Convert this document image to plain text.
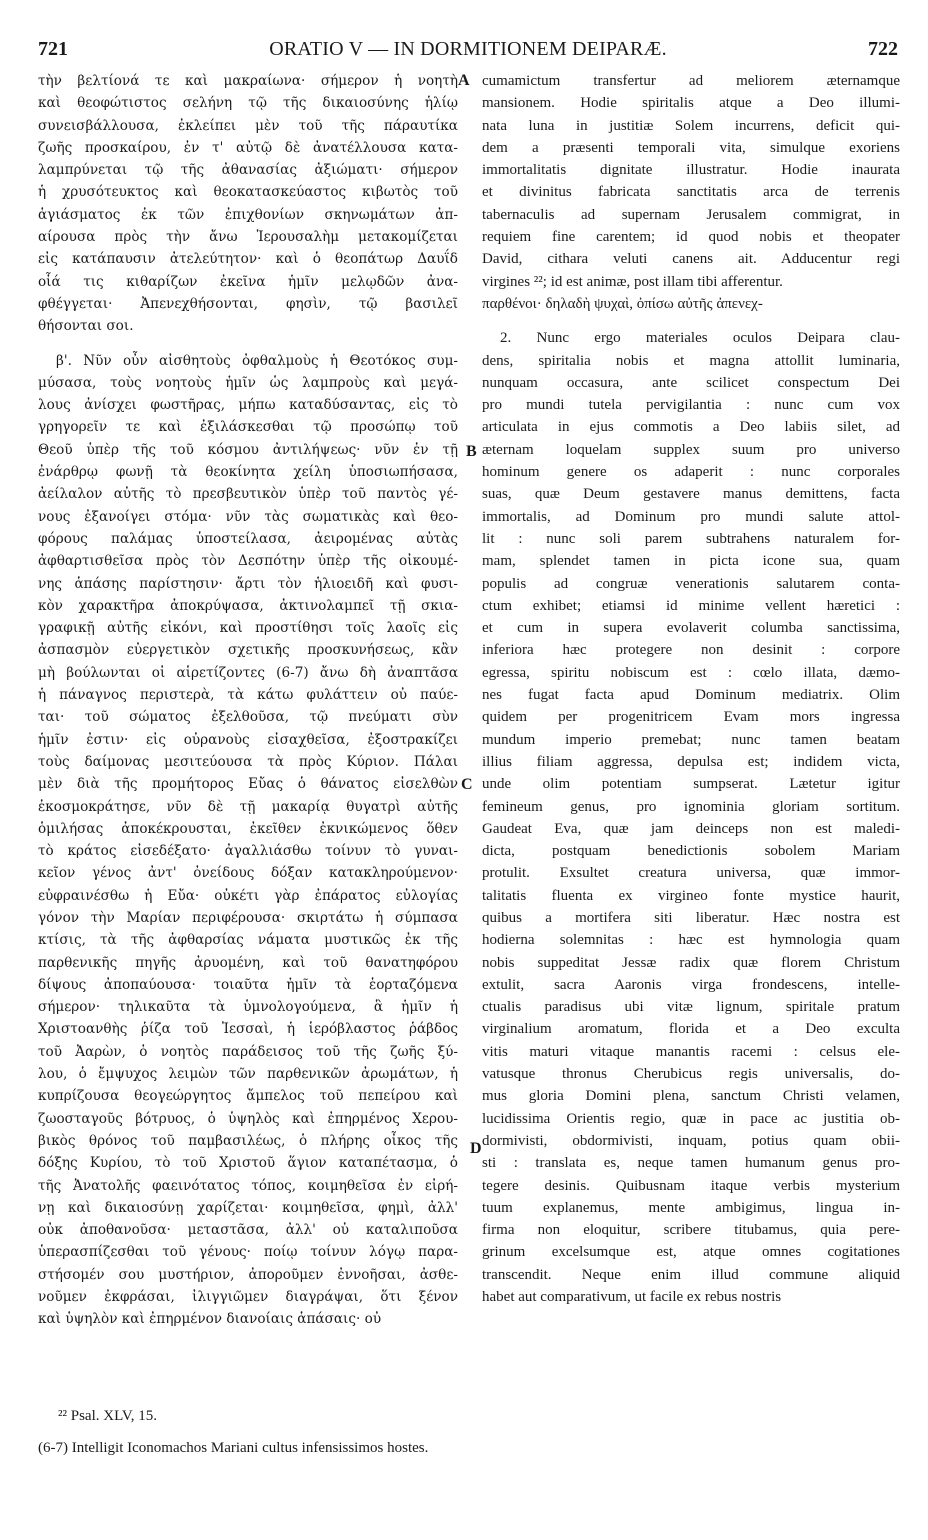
721	ORATIO V — IN DORMITIONEM DEIPARÆ.	722
τὴν βελτίονά τε καὶ μακραίωνα· σήμερον ἡ νοητὴ
καὶ θεοφώτιστος σελήνη τῷ τῆς δικαιοσύνης ἡλίῳ
συνεισβάλλουσα, ἐκλείπει μὲν τοῦ τῆς πάραυτίκα
ζωῆς προσκαίρου, ἐν τ' αὐτῷ δὲ ἀνατέλλουσα κατα-
λαμπρύνεται τῷ τῆς ἀθανασίας ἀξιώματι· σήμερον
ἡ χρυσότευκτος καὶ θεοκατασκεύαστος κιβωτὸς τοῦ
ἁγιάσματος ἐκ τῶν ἐπιχθονίων σκηνωμάτων ἀπ-
αίρουσα πρὸς τὴν ἄνω Ἱερουσαλὴμ μετακομίζεται
εἰς κατάπαυσιν ἀτελεύτητον· καὶ ὁ θεοπάτωρ Δαυΐδ
οἷά τις κιθαρίζων ἐκεῖνα ἡμῖν μελῳδῶν ἀνα-
φθέγγεται· Ἀπενεχθήσονται, φησὶν, τῷ βασιλεῖ
θήσονται σοι.
β'. Νῦν οὖν αἰσθητοὺς ὀφθαλμοὺς ἡ Θεοτόκος συμ-
μύσασα, τοὺς νοητοὺς ἡμῖν ὡς λαμπροὺς καὶ μεγά-
λους ἀνίσχει φωστῆρας, μήπω καταδύσαντας, εἰς τὸ
γρηγορεῖν τε καὶ ἐξιλάσκεσθαι τῷ προσώπῳ τοῦ
Θεοῦ ὑπὲρ τῆς τοῦ κόσμου ἀντιλήψεως· νῦν ἐν τῇ
ἐνάρθρῳ φωνῇ τὰ θεοκίνητα χείλη ὑποσιωπήσασα,
ἀείλαλον αὐτῆς τὸ πρεσβευτικὸν ὑπὲρ τοῦ παντὸς γέ-
νους ἐξανοίγει στόμα· νῦν τὰς σωματικὰς καὶ θεο-
φόρους παλάμας ὑποστείλασα, ἀειρομένας αὐτὰς
ἀφθαρτισθεῖσα πρὸς τὸν Δεσπότην ὑπὲρ τῆς οἰκουμέ-
νης ἁπάσης παρίστησιν· ἄρτι τὸν ἡλιοειδῆ καὶ φυσι-
κὸν χαρακτῆρα ἀποκρύψασα, ἀκτινολαμπεῖ τῇ σκια-
γραφικῇ αὐτῆς εἰκόνι, καὶ προστίθησι τοῖς λαοῖς εἰς
ἀσπασμὸν εὐεργετικὸν σχετικῆς προσκυνήσεως, κἂν
μὴ βούλωνται οἱ αἱρετίζοντες (6-7) ἄνω δὴ ἀναπτᾶσα
ἡ πάναγνος περιστερὰ, τὰ κάτω φυλάττειν οὐ παύε-
ται· τοῦ σώματος ἐξελθοῦσα, τῷ πνεύματι σὺν
ἡμῖν ἐστιν· εἰς οὐρανοὺς εἰσαχθεῖσα, ἐξοστρακίζει
τοὺς δαίμονας μεσιτεύουσα τὰ πρὸς Κύριον. Πάλαι
μὲν διὰ τῆς προμήτορος Εὔας ὁ θάνατος εἰσελθὼν
ἐκοσμοκράτησε, νῦν δὲ τῇ μακαρίᾳ θυγατρὶ αὐτῆς
ὁμιλήσας ἀποκέκρουσται, ἐκεῖθεν ἐκνικώμενος ὅθεν
τὸ κράτος εἰσεδέξατο· ἀγαλλιάσθω τοίνυν τὸ γυναι-
κεῖον γένος ἀντ' ὀνείδους δόξαν κατακληρούμενον·
εὐφραινέσθω ἡ Εὔα· οὐκέτι γὰρ ἐπάρατος εὐλογίας
γόνον τὴν Μαρίαν περιφέρουσα· σκιρτάτω ἡ σύμπασα
κτίσις, τὰ τῆς ἀφθαρσίας νάματα μυστικῶς ἐκ τῆς
παρθενικῆς πηγῆς ἀρυομένη, καὶ τοῦ θανατηφόρου
δίψους ἀποπαύουσα· τοιαῦτα ἡμῖν τὰ ἑορταζόμενα
σήμερον· τηλικαῦτα τὰ ὑμνολογούμενα, ἃ ἡμῖν ἡ
Χριστοανθὴς ῥίζα τοῦ Ἰεσσαὶ, ἡ ἱερόβλαστος ῥάβδος
τοῦ Ἀαρὼν, ὁ νοητὸς παράδεισος τοῦ τῆς ζωῆς ξύ-
λου, ὁ ἔμψυχος λειμὼν τῶν παρθενικῶν ἀρωμάτων, ἡ
κυπρίζουσα θεογεώργητος ἄμπελος τοῦ πεπείρου καὶ
ζωοσταγοῦς βότρυος, ὁ ὑψηλὸς καὶ ἐπηρμένος Χερου-
βικὸς θρόνος τοῦ παμβασιλέως, ὁ πλήρης οἶκος τῆς
δόξης Κυρίου, τὸ τοῦ Χριστοῦ ἅγιον καταπέτασμα, ὁ
τῆς Ἀνατολῆς φαεινότατος τόπος, κοιμηθεῖσα ἐν εἰρή-
νῃ καὶ δικαιοσύνῃ χαρίζεται· κοιμηθεῖσα, φημὶ, ἀλλ'
οὐκ ἀποθανοῦσα· μεταστᾶσα, ἀλλ' οὐ καταλιποῦσα
ὑπερασπίζεσθαι τοῦ γένους· ποίῳ τοίνυν λόγῳ παρα-
στήσομέν σου μυστήριον, ἀποροῦμεν ἐννοῆσαι, ἀσθε-
νοῦμεν ἐκφράσαι, ἰλιγγιῶμεν διαγράψαι, ὅτι ξένον
καὶ ὑψηλὸν καὶ ἐπηρμένον διανοίαις ἁπάσαις· οὐ
cumamictum transfertur ad meliorem æternamque
mansionem. Hodie spiritalis atque a Deo illumi-
nata luna in justitiæ Solem incurrens, deficit qui-
dem a præsenti temporali vita, simulque exoriens
immortalitatis dignitate illustratur. Hodie inaurata
et divinitus fabricata sanctitatis arca de terrenis
tabernaculis ad supernam Jerusalem commigrat, in
requiem fine carentem; id quod nobis et theopater
David, cithara veluti canens ait. Adducentur regi
virgines ²²; id est animæ, post illam tibi afferentur.
παρθένοι· δηλαδὴ ψυχαὶ, ὀπίσω αὐτῆς ἀπενεχ-
2. Nunc ergo materiales oculos Deipara clau-
dens, spiritalia nobis et magna attollit luminaria,
nunquam occasura, ante scilicet conspectum Dei
pro mundi tutela pervigilantia : nunc cum vox
articulata in ejus commotis a Deo labiis silet, ad
æternam loquelam supplex suum pro universo
hominum genere os adaperit : nunc corporales
suas, quæ Deum gestavere manus demittens, facta
immortalis, ad Dominum pro mundi salute attol-
lit : nunc soli parem subtrahens naturalem for-
mam, splendet tamen in picta icone sua, quam
populis ad congruæ venerationis salutarem conta-
ctum exhibet; etiamsi id minime vellent hæretici :
et cum in supera evolaverit columba sanctissima,
inferiora hæc protegere non desinit : corpore
egressa, spiritu nobiscum est : cœlo illata, dæmo-
nes fugat facta apud Dominum mediatrix. Olim
quidem per progenitricem Evam mors ingressa
mundum imperio premebat; nunc tamen beatam
illius filiam aggressa, depulsa est; indidem victa,
unde olim potentiam sumpserat. Lætetur igitur
femineum genus, pro ignominia gloriam sortitum.
Gaudeat Eva, quæ jam deinceps non est maledi-
dicta, postquam benedictionis sobolem Mariam
protulit. Exsultet creatura universa, quæ immor-
talitatis fluenta ex virgineo fonte mystice haurit,
quibus a mortifera siti liberatur. Hæc nostra est
hodierna solemnitas : hæc est hymnologia quam
nobis suppeditat Jessæ radix quæ florem Christum
extulit, sacra Aaronis virga frondescens, intelle-
ctualis paradisus ubi vitæ lignum, spiritale pratum
virginalium aromatum, florida et a Deo exculta
vitis maturi vitaque manantis racemi : celsus ele-
vatusque thronus Cherubicus regis universalis, do-
mus gloria Domini plena, sanctum Christi velamen,
lucidissima Orientis regio, quæ in pace ac justitia ob-
dormivisti, obdormivisti, inquam, potius quam obii-
sti : translata es, neque tamen humanum genus pro-
tegere desinis. Quibusnam itaque verbis mysterium
tuum explanemus, mente ambigimus, lingua in-
firma non eloquitur, scribere titubamus, quia pere-
grinum excelsumque est, atque omnes cogitationes
transcendit. Neque enim illud commune aliquid
habet aut comparativum, ut facile ex rebus nostris
A
B
C
D
²² Psal. XLV, 15.
(6-7) Intelligit Iconomachos Mariani cultus infensissimos hostes.
